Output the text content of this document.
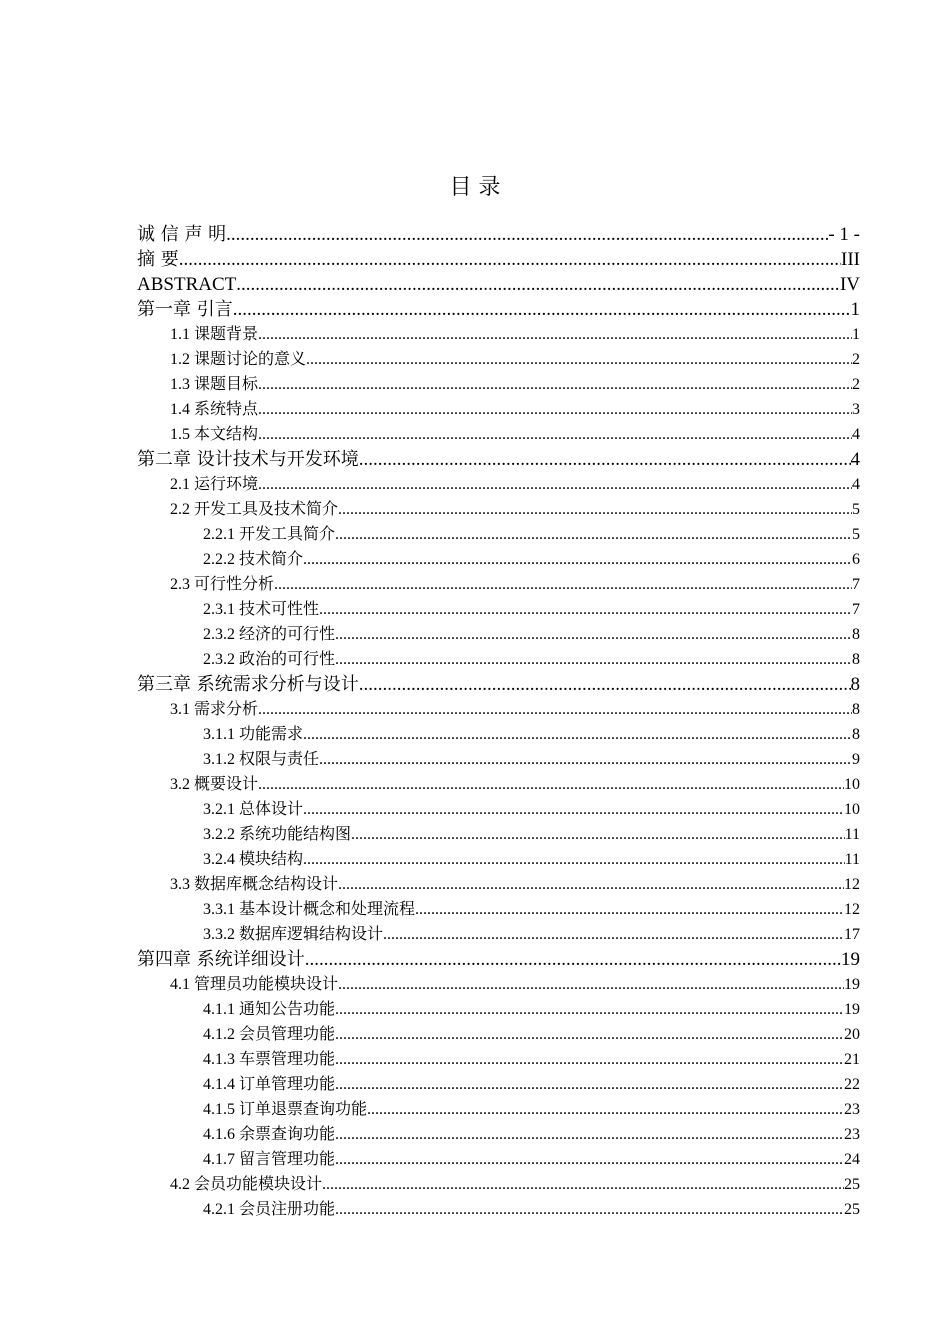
目 录
诚 信 声 明 .....	- 1 -
摘 要 .....	III
ABSTRACT .....	IV
第一章 引言 .....	1
1.1 课题背景 .....	1
1.2 课题讨论的意义 .....	2
1.3 课题目标 .....	2
1.4 系统特点 .....	3
1.5 本文结构 .....	4
第二章 设计技术与开发环境 .....	4
2.1 运行环境 .....	4
2.2 开发工具及技术简介 .....	5
2.2.1 开发工具简介 .....	5
2.2.2 技术简介 .....	6
2.3 可行性分析 .....	7
2.3.1 技术可性性 .....	7
2.3.2 经济的可行性 .....	8
2.3.2 政治的可行性 .....	8
第三章 系统需求分析与设计 .....	8
3.1 需求分析 .....	8
3.1.1 功能需求 .....	8
3.1.2 权限与责任 .....	9
3.2 概要设计 .....	10
3.2.1 总体设计 .....	10
3.2.2 系统功能结构图 .....	11
3.2.4 模块结构 .....	11
3.3 数据库概念结构设计 .....	12
3.3.1 基本设计概念和处理流程 .....	12
3.3.2 数据库逻辑结构设计 .....	17
第四章 系统详细设计 .....	19
4.1 管理员功能模块设计 .....	19
4.1.1 通知公告功能 .....	19
4.1.2 会员管理功能 .....	20
4.1.3 车票管理功能 .....	21
4.1.4 订单管理功能 .....	22
4.1.5 订单退票查询功能 .....	23
4.1.6 余票查询功能 .....	23
4.1.7 留言管理功能 .....	24
4.2 会员功能模块设计 .....	25
4.2.1 会员注册功能 .....	25
